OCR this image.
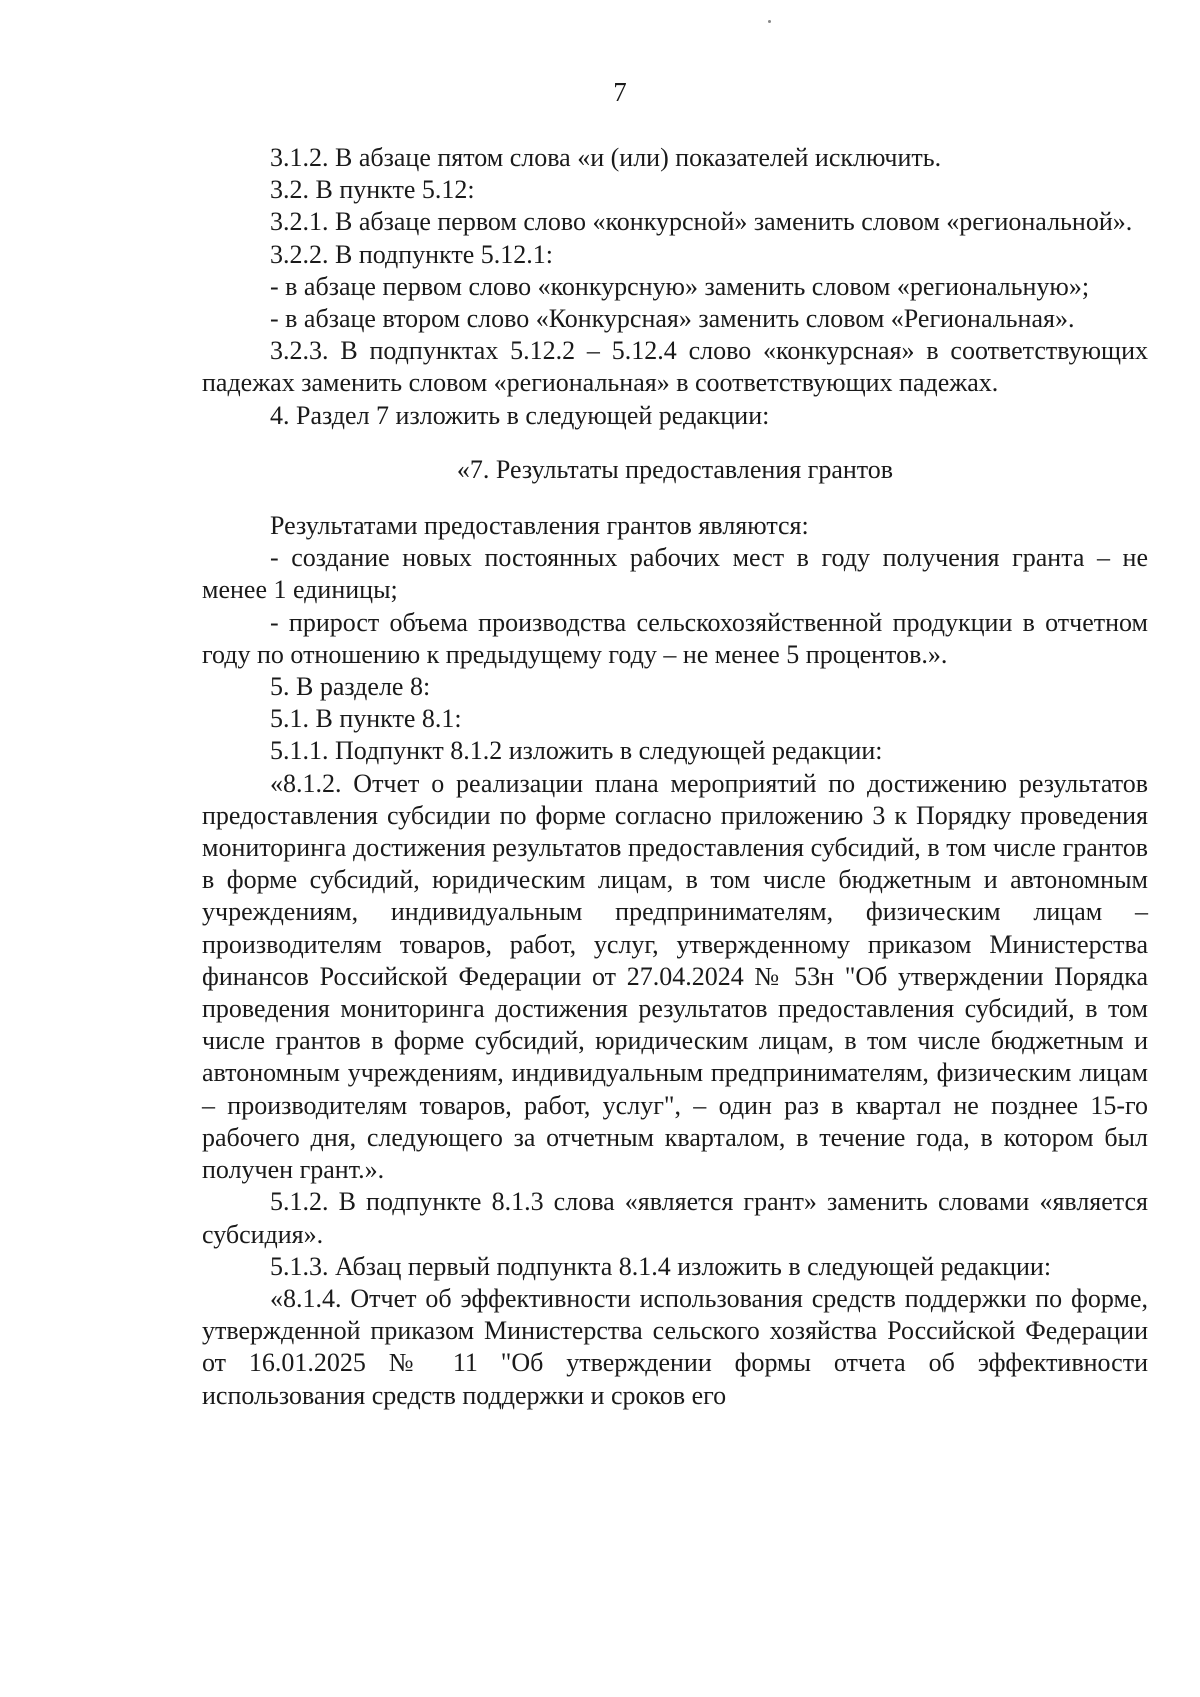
7

3.1.2. В абзаце пятом слова «и (или) показателей исключить.

3.2. В пункте 5.12:

3.2.1. В абзаце первом слово «конкурсной» заменить словом «региональной».

3.2.2. В подпункте 5.12.1:

- в абзаце первом слово «конкурсную» заменить словом «региональную»;

- в абзаце втором слово «Конкурсная» заменить словом «Региональная».

3.2.3. В подпунктах 5.12.2 – 5.12.4 слово «конкурсная» в соответствующих падежах заменить словом «региональная» в соответствующих падежах.

4. Раздел 7 изложить в следующей редакции:

«7. Результаты предоставления грантов

Результатами предоставления грантов являются:

- создание новых постоянных рабочих мест в году получения гранта – не менее 1 единицы;

- прирост объема производства сельскохозяйственной продукции в отчетном году по отношению к предыдущему году – не менее 5 процентов.».

5. В разделе 8:

5.1. В пункте 8.1:

5.1.1. Подпункт 8.1.2 изложить в следующей редакции:

«8.1.2. Отчет о реализации плана мероприятий по достижению результатов предоставления субсидии по форме согласно приложению 3 к Порядку проведения мониторинга достижения результатов предоставления субсидий, в том числе грантов в форме субсидий, юридическим лицам, в том числе бюджетным и автономным учреждениям, индивидуальным предпринимателям, физическим лицам – производителям товаров, работ, услуг, утвержденному приказом Министерства финансов Российской Федерации от 27.04.2024 № 53н "Об утверждении Порядка проведения мониторинга достижения результатов предоставления субсидий, в том числе грантов в форме субсидий, юридическим лицам, в том числе бюджетным и автономным учреждениям, индивидуальным предпринимателям, физическим лицам – производителям товаров, работ, услуг", – один раз в квартал не позднее 15-го рабочего дня, следующего за отчетным кварталом, в течение года, в котором был получен грант.».

5.1.2. В подпункте 8.1.3 слова «является грант» заменить словами «является субсидия».

5.1.3. Абзац первый подпункта 8.1.4 изложить в следующей редакции:

«8.1.4. Отчет об эффективности использования средств поддержки по форме, утвержденной приказом Министерства сельского хозяйства Российской Федерации от 16.01.2025 № 11 "Об утверждении формы отчета об эффективности использования средств поддержки и сроков его
